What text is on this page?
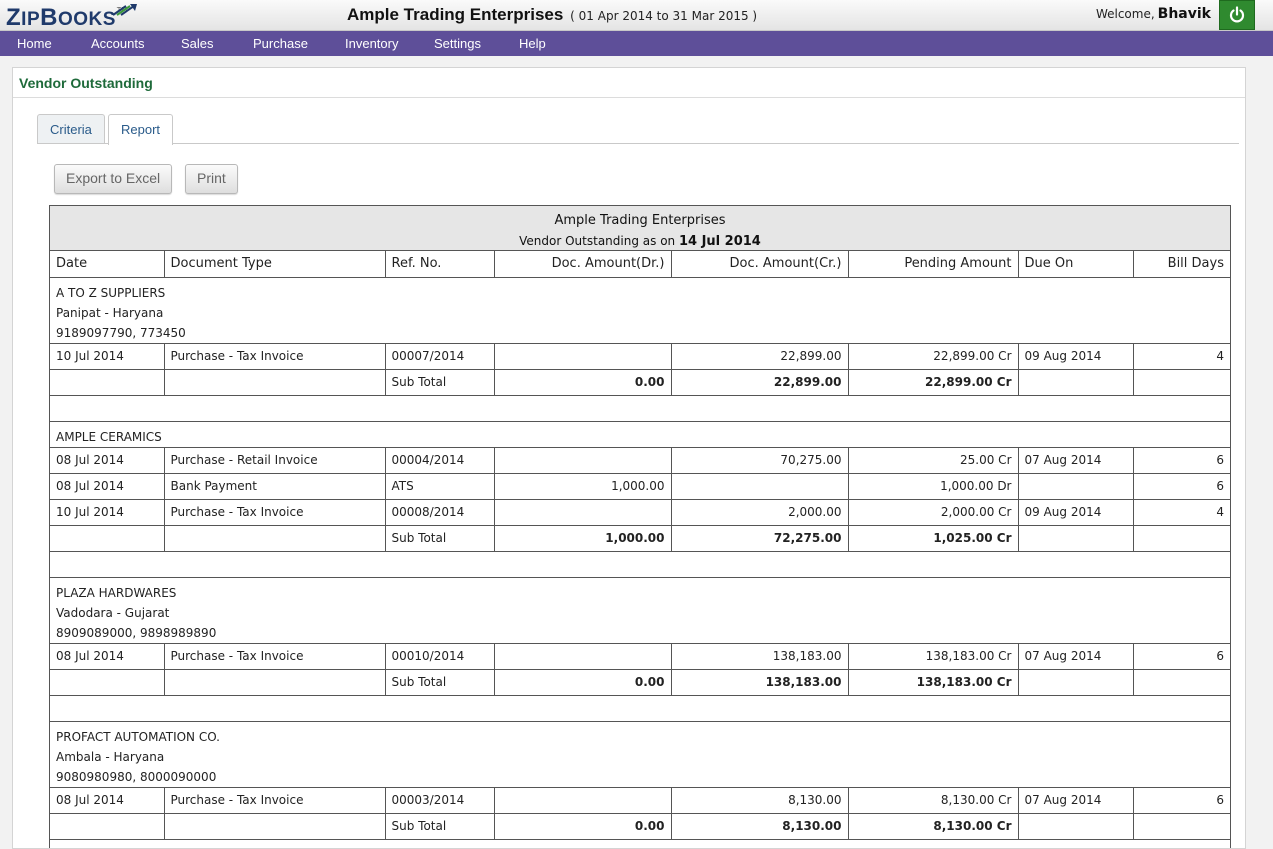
Z IP B OOKS TM	Ample Trading Enterprises ( 01 Apr 2014 to 31 Mar 2015 )	Welcome, Bhavik
Home	Accounts	Sales	Purchase	Inventory	Settings	Help
Vendor Outstanding
Criteria	Report
Export to Excel	Print
Ample Trading Enterprises
Vendor Outstanding as on 14 Jul 2014
Date	Document Type	Ref. No.	Doc. Amount(Dr.)	Doc. Amount(Cr.)	Pending Amount	Due On	Bill Days

A TO Z SUPPLIERS
Panipat - Haryana
9189097790, 773450							

10 Jul 2014	Purchase - Tax Invoice	00007/2014		22,899.00	22,899.00 Cr	09 Aug 2014	4
		Sub Total	0.00	22,899.00	22,899.00 Cr		

AMPLE CERAMICS							

08 Jul 2014	Purchase - Retail Invoice	00004/2014		70,275.00	25.00 Cr	07 Aug 2014	6
08 Jul 2014	Bank Payment	ATS	1,000.00		1,000.00 Dr		6
10 Jul 2014	Purchase - Tax Invoice	00008/2014		2,000.00	2,000.00 Cr	09 Aug 2014	4
		Sub Total	1,000.00	72,275.00	1,025.00 Cr		

PLAZA HARDWARES
Vadodara - Gujarat
8909089000, 9898989890							

08 Jul 2014	Purchase - Tax Invoice	00010/2014		138,183.00	138,183.00 Cr	07 Aug 2014	6
		Sub Total	0.00	138,183.00	138,183.00 Cr		

PROFACT AUTOMATION CO.
Ambala - Haryana
9080980980, 8000090000							

08 Jul 2014	Purchase - Tax Invoice	00003/2014		8,130.00	8,130.00 Cr	07 Aug 2014	6
		Sub Total	0.00	8,130.00	8,130.00 Cr		
